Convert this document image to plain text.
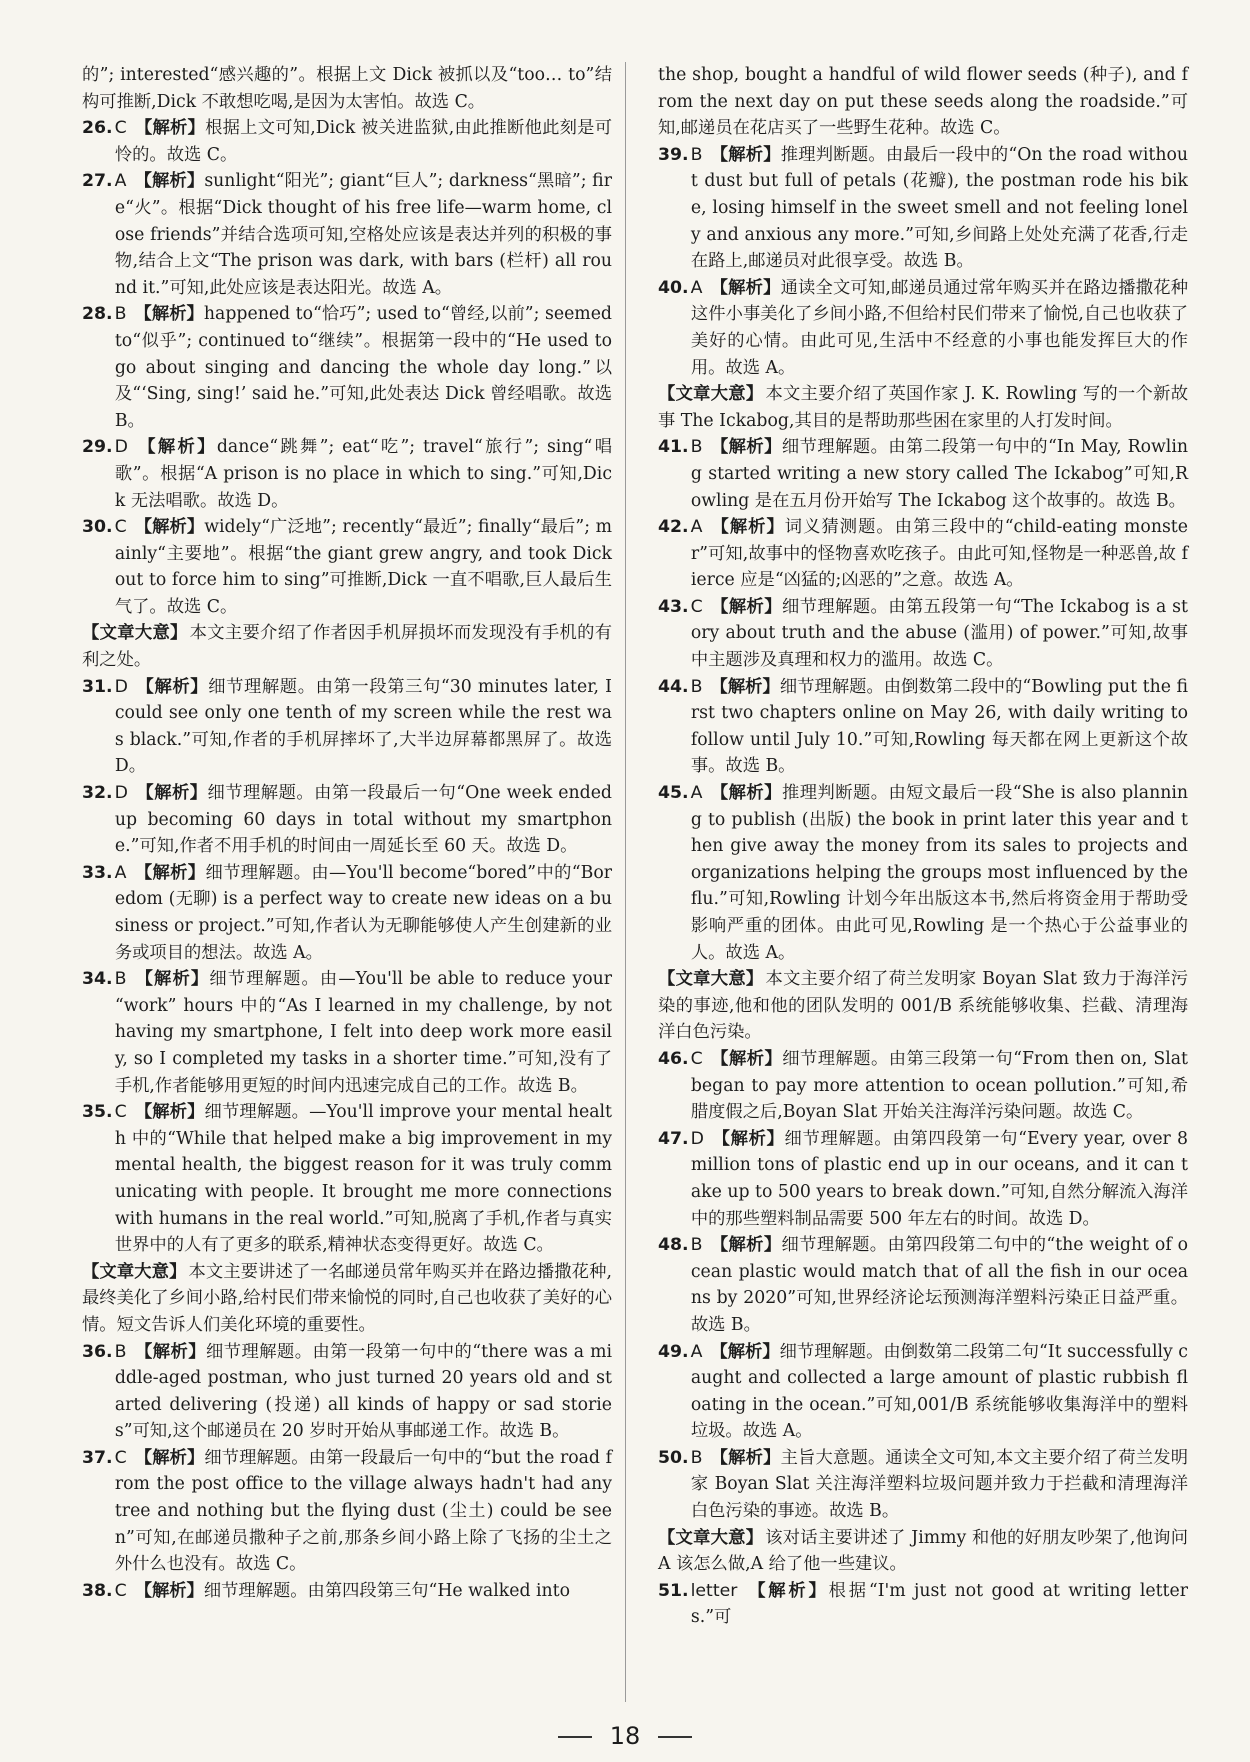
的”; interested“感兴趣的”。根据上文 Dick 被抓以及“too… to”结构可推断,Dick 不敢想吃喝,是因为太害怕。故选 C。

26. C 【解析】根据上文可知,Dick 被关进监狱,由此推断他此刻是可怜的。故选 C。

27. A 【解析】sunlight“阳光”; giant“巨人”; darkness“黑暗”; fire“火”。根据“Dick thought of his free life—warm home, close friends”并结合选项可知,空格处应该是表达并列的积极的事物,结合上文“The prison was dark, with bars (栏杆) all round it.”可知,此处应该是表达阳光。故选 A。

28. B 【解析】happened to“恰巧”; used to“曾经,以前”; seemed to“似乎”; continued to“继续”。根据第一段中的“He used to go about singing and dancing the whole day long.”以及“‘Sing, sing!’ said he.”可知,此处表达 Dick 曾经唱歌。故选 B。

29. D 【解析】dance“跳舞”; eat“吃”; travel“旅行”; sing“唱歌”。根据“A prison is no place in which to sing.”可知,Dick 无法唱歌。故选 D。

30. C 【解析】widely“广泛地”; recently“最近”; finally“最后”; mainly“主要地”。根据“the giant grew angry, and took Dick out to force him to sing”可推断,Dick 一直不唱歌,巨人最后生气了。故选 C。

【文章大意】 本文主要介绍了作者因手机屏损坏而发现没有手机的有利之处。

31. D 【解析】细节理解题。由第一段第三句“30 minutes later, I could see only one tenth of my screen while the rest was black.”可知,作者的手机屏摔坏了,大半边屏幕都黑屏了。故选 D。

32. D 【解析】细节理解题。由第一段最后一句“One week ended up becoming 60 days in total without my smartphone.”可知,作者不用手机的时间由一周延长至 60 天。故选 D。

33. A 【解析】细节理解题。由—You'll become“bored”中的“Boredom (无聊) is a perfect way to create new ideas on a business or project.”可知,作者认为无聊能够使人产生创建新的业务或项目的想法。故选 A。

34. B 【解析】细节理解题。由—You'll be able to reduce your “work” hours 中的“As I learned in my challenge, by not having my smartphone, I felt into deep work more easily, so I completed my tasks in a shorter time.”可知,没有了手机,作者能够用更短的时间内迅速完成自己的工作。故选 B。

35. C 【解析】细节理解题。—You'll improve your mental health 中的“While that helped make a big improvement in my mental health, the biggest reason for it was truly communicating with people. It brought me more connections with humans in the real world.”可知,脱离了手机,作者与真实世界中的人有了更多的联系,精神状态变得更好。故选 C。

【文章大意】 本文主要讲述了一名邮递员常年购买并在路边播撒花种,最终美化了乡间小路,给村民们带来愉悦的同时,自己也收获了美好的心情。短文告诉人们美化环境的重要性。

36. B 【解析】细节理解题。由第一段第一句中的“there was a middle-aged postman, who just turned 20 years old and started delivering (投递) all kinds of happy or sad stories”可知,这个邮递员在 20 岁时开始从事邮递工作。故选 B。

37. C 【解析】细节理解题。由第一段最后一句中的“but the road from the post office to the village always hadn't had any tree and nothing but the flying dust (尘土) could be seen”可知,在邮递员撒种子之前,那条乡间小路上除了飞扬的尘土之外什么也没有。故选 C。

38. C 【解析】细节理解题。由第四段第三句“He walked into

the shop, bought a handful of wild flower seeds (种子), and from the next day on put these seeds along the roadside.”可知,邮递员在花店买了一些野生花种。故选 C。

39. B 【解析】推理判断题。由最后一段中的“On the road without dust but full of petals (花瓣), the postman rode his bike, losing himself in the sweet smell and not feeling lonely and anxious any more.”可知,乡间路上处处充满了花香,行走在路上,邮递员对此很享受。故选 B。

40. A 【解析】通读全文可知,邮递员通过常年购买并在路边播撒花种这件小事美化了乡间小路,不但给村民们带来了愉悦,自己也收获了美好的心情。由此可见,生活中不经意的小事也能发挥巨大的作用。故选 A。

【文章大意】 本文主要介绍了英国作家 J. K. Rowling 写的一个新故事 The Ickabog,其目的是帮助那些困在家里的人打发时间。

41. B 【解析】细节理解题。由第二段第一句中的“In May, Rowling started writing a new story called The Ickabog”可知,Rowling 是在五月份开始写 The Ickabog 这个故事的。故选 B。

42. A 【解析】词义猜测题。由第三段中的“child-eating monster”可知,故事中的怪物喜欢吃孩子。由此可知,怪物是一种恶兽,故 fierce 应是“凶猛的;凶恶的”之意。故选 A。

43. C 【解析】细节理解题。由第五段第一句“The Ickabog is a story about truth and the abuse (滥用) of power.”可知,故事中主题涉及真理和权力的滥用。故选 C。

44. B 【解析】细节理解题。由倒数第二段中的“Bowling put the first two chapters online on May 26, with daily writing to follow until July 10.”可知,Rowling 每天都在网上更新这个故事。故选 B。

45. A 【解析】推理判断题。由短文最后一段“She is also planning to publish (出版) the book in print later this year and then give away the money from its sales to projects and organizations helping the groups most influenced by the flu.”可知,Rowling 计划今年出版这本书,然后将资金用于帮助受影响严重的团体。由此可见,Rowling 是一个热心于公益事业的人。故选 A。

【文章大意】 本文主要介绍了荷兰发明家 Boyan Slat 致力于海洋污染的事迹,他和他的团队发明的 001/B 系统能够收集、拦截、清理海洋白色污染。

46. C 【解析】细节理解题。由第三段第一句“From then on, Slat began to pay more attention to ocean pollution.”可知,希腊度假之后,Boyan Slat 开始关注海洋污染问题。故选 C。

47. D 【解析】细节理解题。由第四段第一句“Every year, over 8 million tons of plastic end up in our oceans, and it can take up to 500 years to break down.”可知,自然分解流入海洋中的那些塑料制品需要 500 年左右的时间。故选 D。

48. B 【解析】细节理解题。由第四段第二句中的“the weight of ocean plastic would match that of all the fish in our oceans by 2020”可知,世界经济论坛预测海洋塑料污染正日益严重。故选 B。

49. A 【解析】细节理解题。由倒数第二段第二句“It successfully caught and collected a large amount of plastic rubbish floating in the ocean.”可知,001/B 系统能够收集海洋中的塑料垃圾。故选 A。

50. B 【解析】主旨大意题。通读全文可知,本文主要介绍了荷兰发明家 Boyan Slat 关注海洋塑料垃圾问题并致力于拦截和清理海洋白色污染的事迹。故选 B。

【文章大意】 该对话主要讲述了 Jimmy 和他的好朋友吵架了,他询问 A 该怎么做,A 给了他一些建议。

51. letter 【解析】根据“I'm just not good at writing letters.”可

18
